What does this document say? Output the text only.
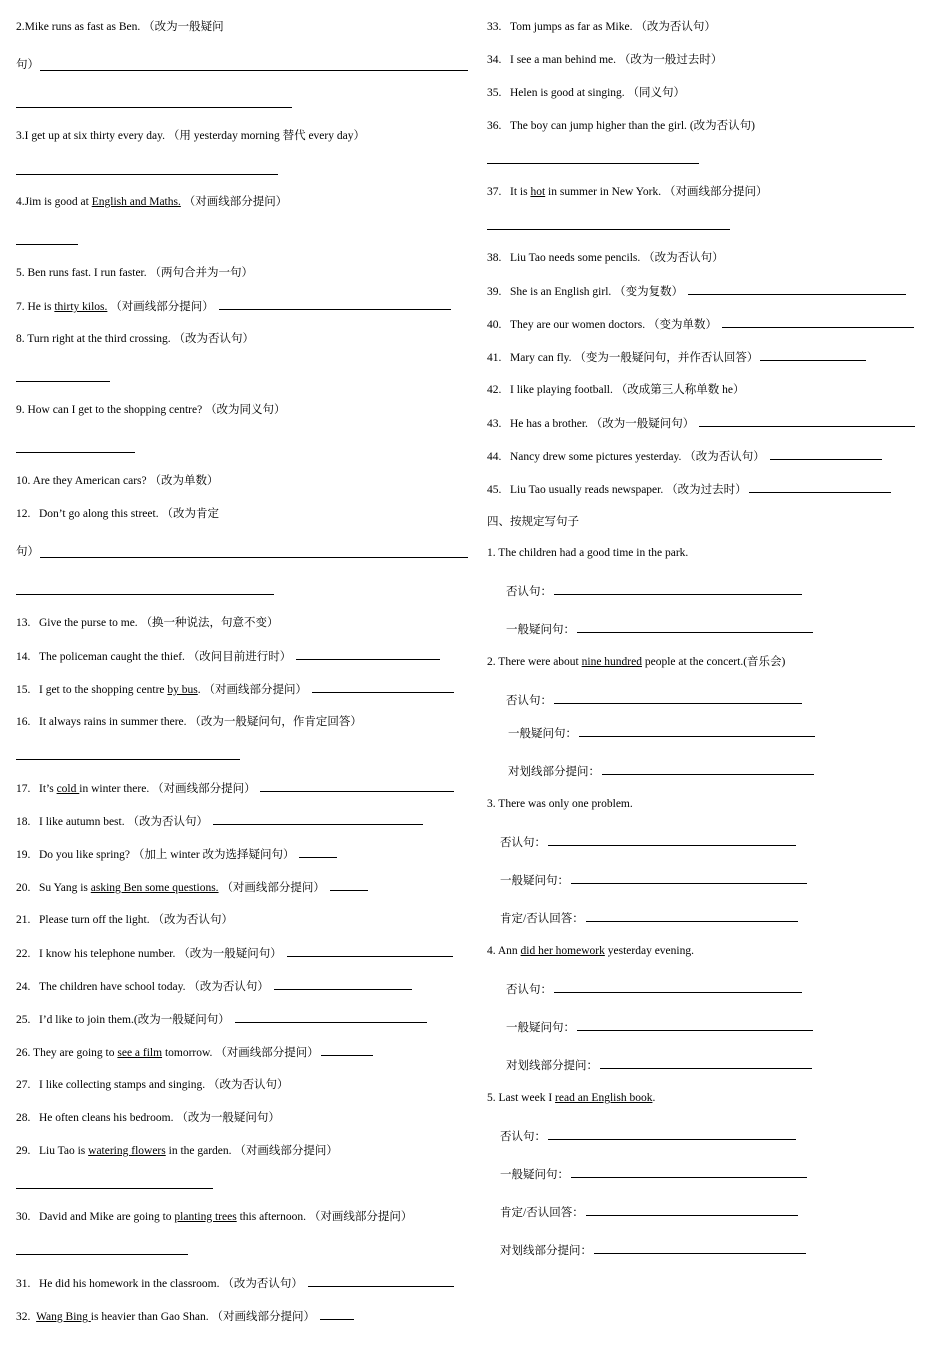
2.Mike runs as fast as Ben. （改为一般疑问

句）

3.I get up at six thirty every day. （用 yesterday morning 替代 every day）

4.Jim is good at English and Maths. （对画线部分提问）

5. Ben runs fast. I run faster. （两句合并为一句）

7. He is thirty kilos. （对画线部分提问）

8. Turn right at the third crossing. （改为否认句）

9. How can I get to the shopping centre? （改为同义句）

10. Are they American cars? （改为单数）

12. Don’t go along this street. （改为肯定

句）

13. Give the purse to me. （换一种说法，句意不变）

14. The policeman caught the thief. （改问目前进行时）

15. I get to the shopping centre by bus. （对画线部分提问）

16. It always rains in summer there. （改为一般疑问句，作肯定回答）

17. It’s cold in winter there. （对画线部分提问）

18. I like autumn best. （改为否认句）

19. Do you like spring? （加上 winter 改为选择疑问句）

20. Su Yang is asking Ben some questions. （对画线部分提问）

21. Please turn off the light. （改为否认句）

22. I know his telephone number. （改为一般疑问句）

24. The children have school today. （改为否认句）

25. I’d like to join them.(改为一般疑问句）

26. They are going to see a film tomorrow. （对画线部分提问）

27. I like collecting stamps and singing. （改为否认句）

28. He often cleans his bedroom. （改为一般疑问句）

29. Liu Tao is watering flowers in the garden. （对画线部分提问）

30. David and Mike are going to planting trees this afternoon. （对画线部分提问）

31. He did his homework in the classroom. （改为否认句）

32. Wang Bing is heavier than Gao Shan. （对画线部分提问）

33. Tom jumps as far as Mike. （改为否认句）

34. I see a man behind me. （改为一般过去时）

35. Helen is good at singing. （同义句）

36. The boy can jump higher than the girl. (改为否认句)

37. It is hot in summer in New York. （对画线部分提问）

38. Liu Tao needs some pencils. （改为否认句）

39. She is an English girl. （变为复数）

40. They are our women doctors. （变为单数）

41. Mary can fly. （变为一般疑问句，并作否认回答）

42. I like playing football. （改成第三人称单数 he）

43. He has a brother. （改为一般疑问句）

44. Nancy drew some pictures yesterday. （改为否认句）

45. Liu Tao usually reads newspaper. （改为过去时）

四、按规定写句子

1. The children had a good time in the park.

否认句：

一般疑问句：

2. There were about nine hundred people at the concert.(音乐会)

否认句：

一般疑问句：

对划线部分提问：

3. There was only one problem.

否认句：

一般疑问句：

肯定/否认回答：

4. Ann did her homework yesterday evening.

否认句：

一般疑问句：

对划线部分提问：

5. Last week I read an English book.

否认句：

一般疑问句：

肯定/否认回答：

对划线部分提问：
